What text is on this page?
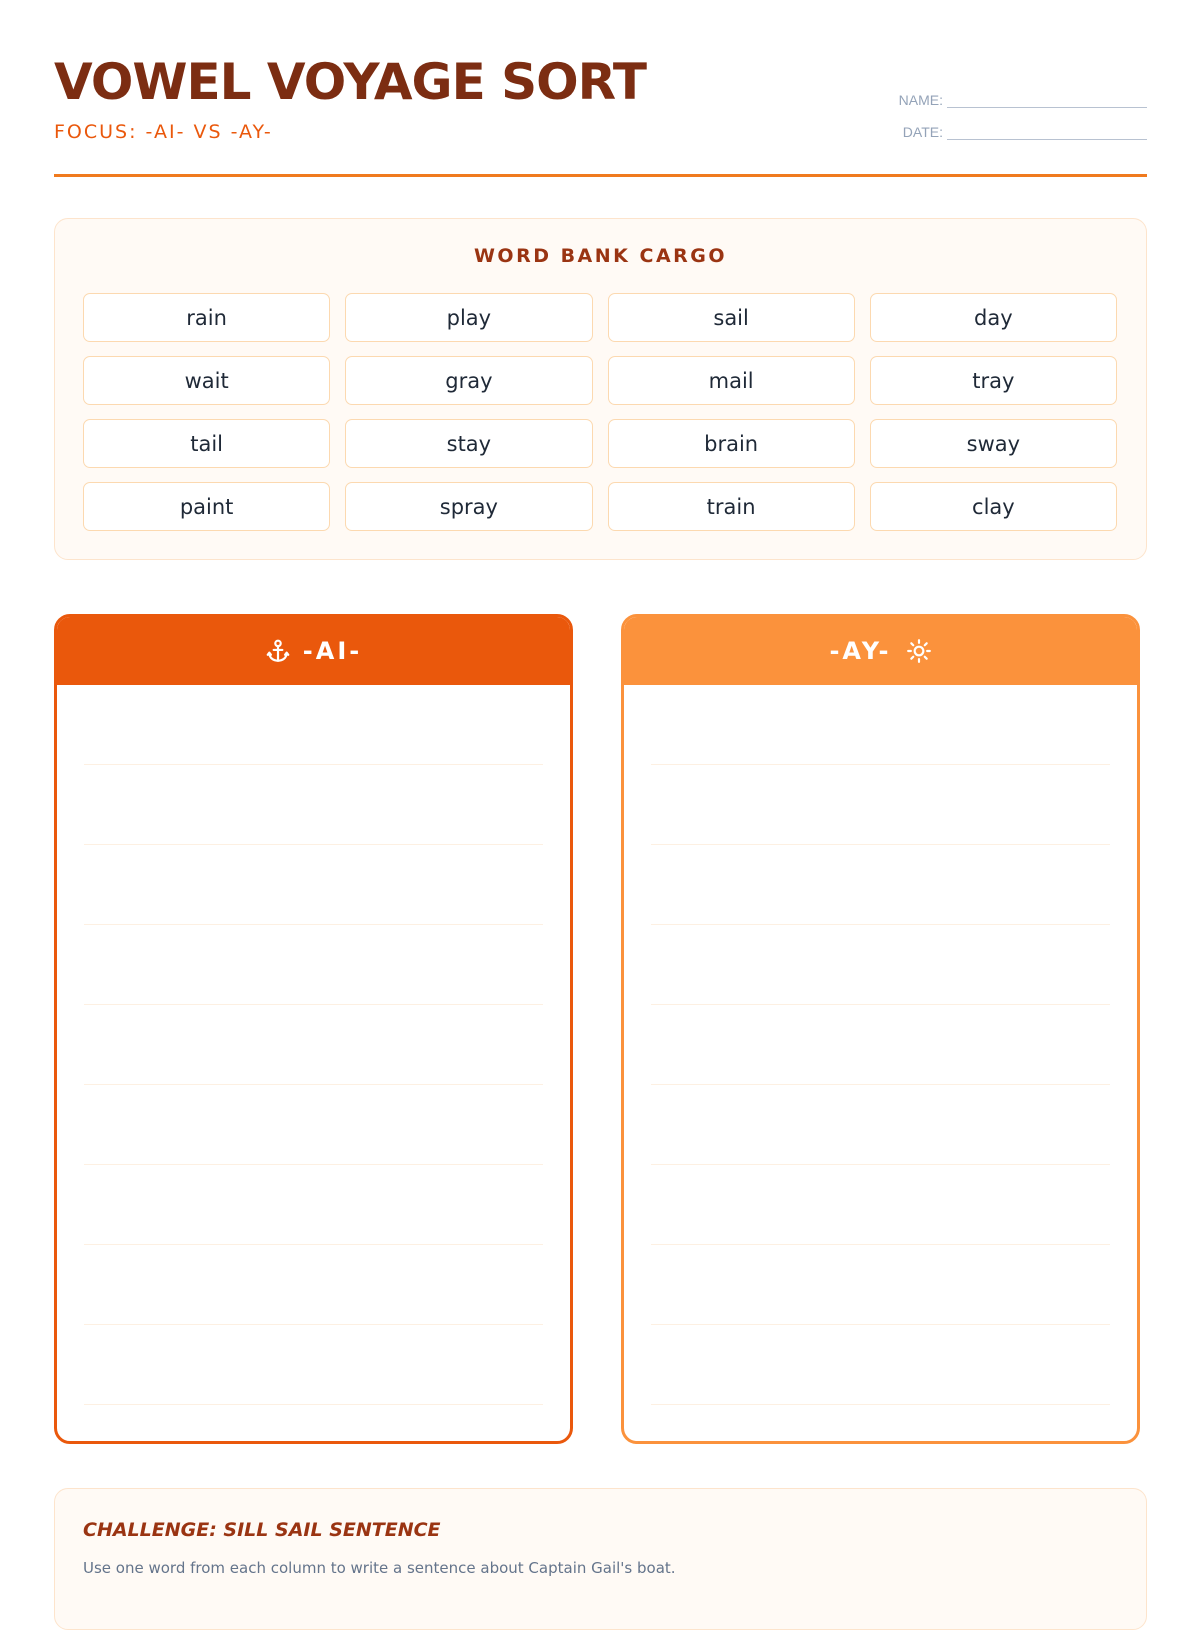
VOWEL VOYAGE SORT
FOCUS: -AI- VS -AY-
NAME:
DATE:
WORD BANK CARGO
rain	play	sail	day
wait	gray	mail	tray
tail	stay	brain	sway
paint	spray	train	clay
-AI-	-AY-
CHALLENGE: SILL SAIL SENTENCE
Use one word from each column to write a sentence about Captain Gail's boat.
